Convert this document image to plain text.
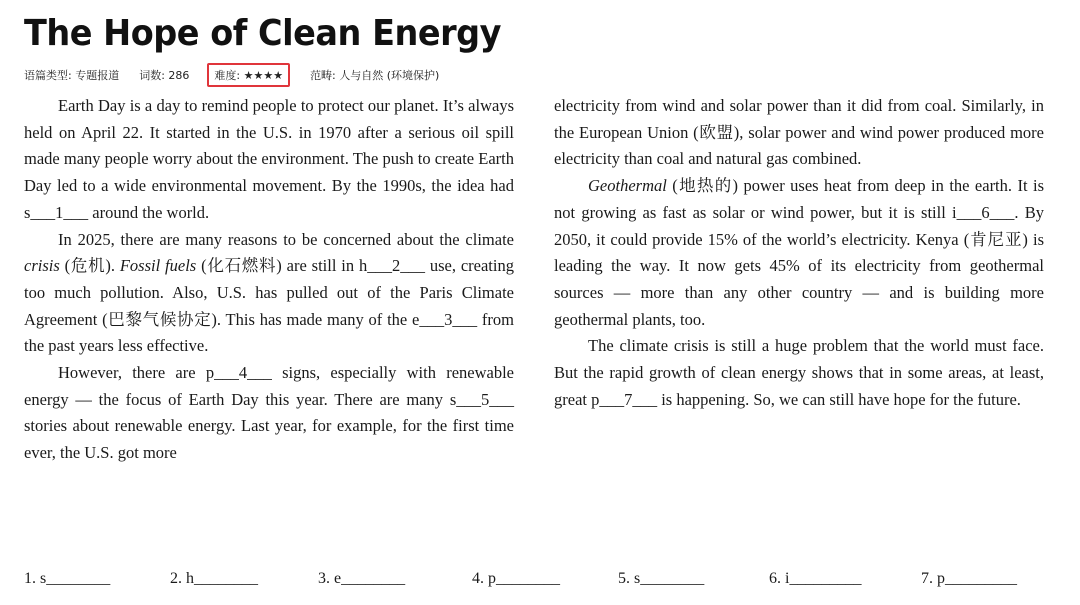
The Hope of Clean Energy
语篇类型: 专题报道 词数: 286	难度: ★★★★	范畴: 人与自然 (环境保护)

Earth Day is a day to remind people to protect our planet. It’s always held on April 22. It started in the U.S. in 1970 after a serious oil spill made many people worry about the environment. The push to create Earth Day led to a wide environmental movement. By the 1990s, the idea had s___1___ around the world.

In 2025, there are many reasons to be concerned about the climate crisis (危机). Fossil fuels (化石燃料) are still in h___2___ use, creating too much pollution. Also, U.S. has pulled out of the Paris Climate Agreement (巴黎气候协定). This has made many of the e___3___ from the past years less effective.

However, there are p___4___ signs, especially with renewable energy — the focus of Earth Day this year. There are many s___5___ stories about renewable energy. Last year, for example, for the first time ever, the U.S. got more

electricity from wind and solar power than it did from coal. Similarly, in the European Union (欧盟), solar power and wind power produced more electricity than coal and natural gas combined.

Geothermal (地热的) power uses heat from deep in the earth. It is not growing as fast as solar or wind power, but it is still i___6___. By 2050, it could provide 15% of the world’s electricity. Kenya (肯尼亚) is leading the way. It now gets 45% of its electricity from geothermal sources — more than any other country — and is building more geothermal plants, too.

The climate crisis is still a huge problem that the world must face. But the rapid growth of clean energy shows that in some areas, at least, great p___7___ is happening. So, we can still have hope for the future.

1. s________	2. h________	3. e________	4. p________	5. s________	6. i_________	7. p_________
